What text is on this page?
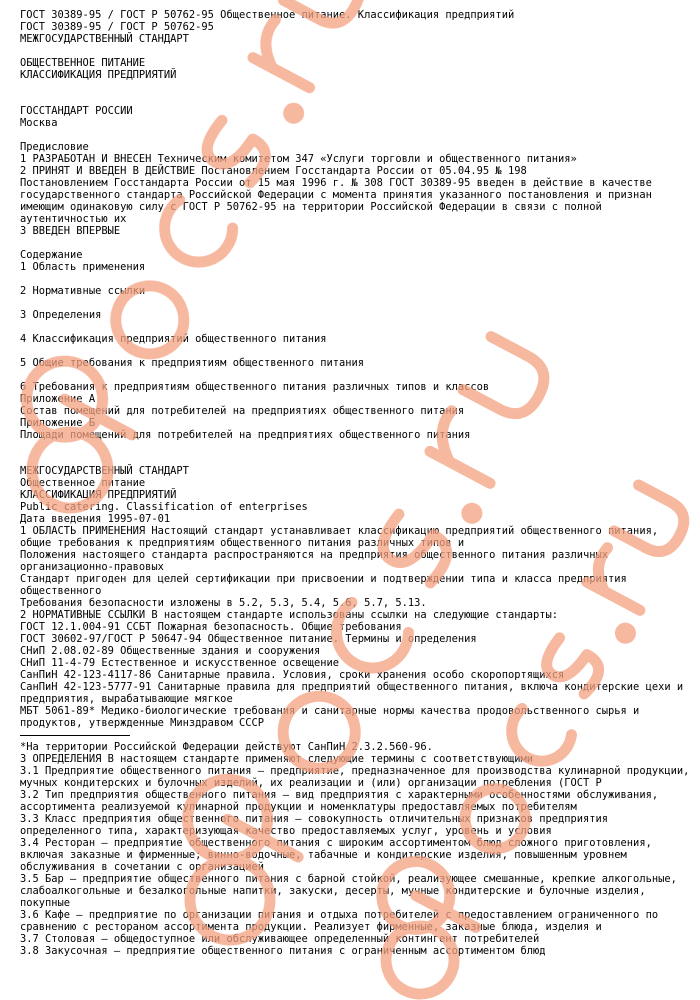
ГОСТ 30389-95 / ГОСТ Р 50762-95 Общественное питание. Классификация предприятий
ГОСТ 30389-95 / ГОСТ Р 50762-95
МЕЖГОСУДАРСТВЕННЫЙ СТАНДАРТ
ОБЩЕСТВЕННОЕ ПИТАНИЕ
КЛАССИФИКАЦИЯ ПРЕДПРИЯТИЙ
ГОССТАНДАРТ РОССИИ
Москва
Предисловие
1 РАЗРАБОТАН И ВНЕСЕН Техническим комитетом 347 «Услуги торговли и общественного питания»
2 ПРИНЯТ И ВВЕДЕН В ДЕЙСТВИЕ Постановлением Госстандарта России от 05.04.95 № 198
Постановлением Госстандарта России от 15 мая 1996 г. № 308 ГОСТ 30389-95 введен в действие в качестве государственного стандарта Российской Федерации с момента принятия указанного постановления и признан имеющим одинаковую силу с ГОСТ Р 50762-95 на территории Российской Федерации в связи с полной аутентичностью их
3 ВВЕДЕН ВПЕРВЫЕ
Содержание
1 Область применения
2 Нормативные ссылки
3 Определения
4 Классификация предприятий общественного питания
5 Общие требования к предприятиям общественного питания
6 Требования к предприятиям общественного питания различных типов и классов
Приложение А
Состав помещений для потребителей на предприятиях общественного питания
Приложение Б
Площади помещений для потребителей на предприятиях общественного питания
МЕЖГОСУДАРСТВЕННЫЙ СТАНДАРТ
Общественное питание
КЛАССИФИКАЦИЯ ПРЕДПРИЯТИЙ
Public catering. Classification of enterprises
Дата введения 1995-07-01
1 ОБЛАСТЬ ПРИМЕНЕНИЯ Настоящий стандарт устанавливает классификацию предприятий общественного питания, общие требования к предприятиям общественного питания различных типов и
Положения настоящего стандарта распространяются на предприятия общественного питания различных организационно-правовых
Стандарт пригоден для целей сертификации при присвоении и подтверждении типа и класса предприятия общественного
Требования безопасности изложены в 5.2, 5.3, 5.4, 5.6, 5.7, 5.13.
2 НОРМАТИВНЫЕ ССЫЛКИ В настоящем стандарте использованы ссылки на следующие стандарты:
ГОСТ 12.1.004-91 ССБТ Пожарная безопасность. Общие требования
ГОСТ 30602-97/ГОСТ Р 50647-94 Общественное питание. Термины и определения
СНиП 2.08.02-89 Общественные здания и сооружения
СНиП 11-4-79 Естественное и искусственное освещение
СанПиН 42-123-4117-86 Санитарные правила. Условия, сроки хранения особо скоропортящихся
СанПиН 42-123-5777-91 Санитарные правила для предприятий общественного питания, включа кондитерские цехи и предприятия, вырабатывающие мягкое
МБТ 5061-89* Медико-биологические требования и санитарные нормы качества продовольственного сырья и продуктов, утвержденные Минздравом СССР
*На территории Российской Федерации действуют СанПиН 2.3.2.560-96.
3 ОПРЕДЕЛЕНИЯ В настоящем стандарте применяют следующие термины с соответствующими
3.1 Предприятие общественного питания – предприятие, предназначенное для производства кулинарной продукции, мучных кондитерских и булочных изделий, их реализации и (или) организации потребления (ГОСТ Р
3.2 Тип предприятия общественного питания – вид предприятия с характерными особенностями обслуживания, ассортимента реализуемой кулинарной продукции и номенклатуры предоставляемых потребителям
3.3 Класс предприятия общественного питания – совокупность отличительных признаков предприятия определенного типа, характеризующая качество предоставляемых услуг, уровень и условия
3.4 Ресторан – предприятие общественного питания с широким ассортиментом блюд сложного приготовления, включая заказные и фирменные; винно-водочные, табачные и кондитерские изделия, повышенным уровнем обслуживания в сочетании с организацией
3.5 Бар – предприятие общественного питания с барной стойкой, реализующее смешанные, крепкие алкогольные, слабоалкогольные и безалкогольные напитки, закуски, десерты, мучные кондитерские и булочные изделия, покупные
3.6 Кафе – предприятие по организации питания и отдыха потребителей с предоставлением ограниченного по сравнению с рестораном ассортимента продукции. Реализует фирменные, заказные блюда, изделия и
3.7 Столовая – общедоступное или обслуживающее определенный контингент потребителей
3.8 Закусочная – предприятие общественного питания с ограниченным ассортиментом блюд
